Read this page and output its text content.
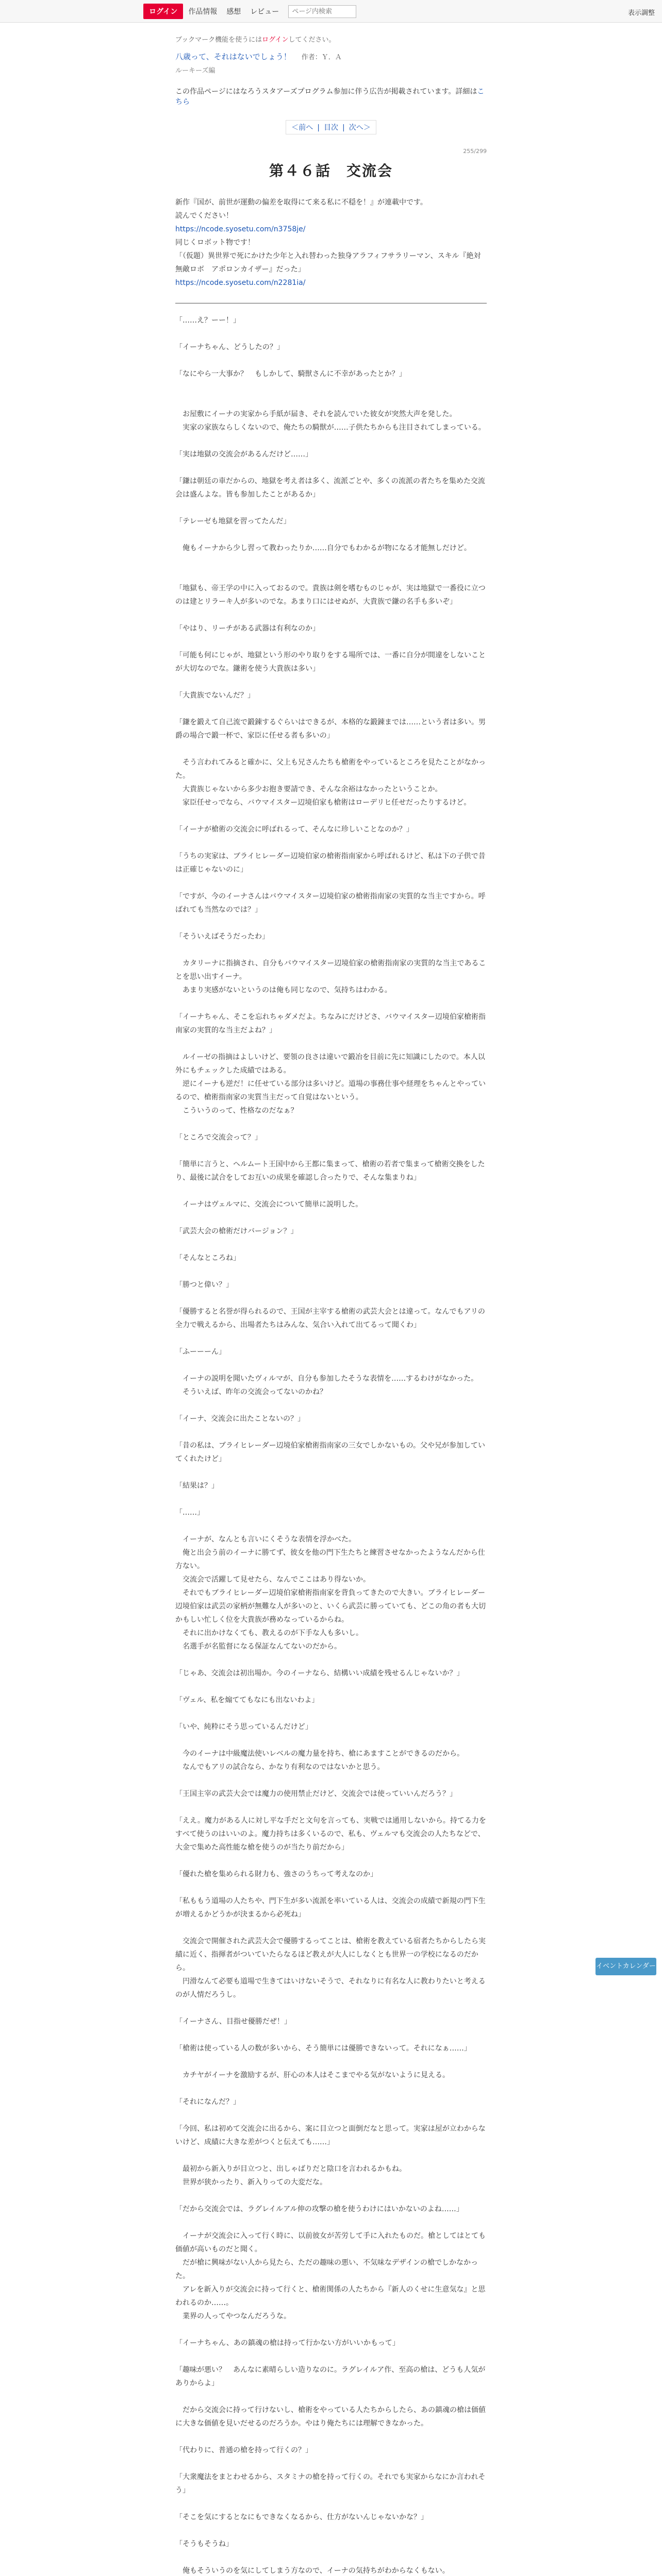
ログイン	作品情報 感想 レビュー
ページ内検索	表示調整
ブックマーク機能を使うにはログインしてください。
八歳って、それはないでしょう！ 作者：Ｙ．Ａ
ルーキーズ編
この作品ページにはなろうスタアーズプログラム参加に伴う広告が掲載されています。詳細はこちら
＜前へ | 目次 | 次へ＞
255/299
第４６話　交流会

新作『国が、前世が運動の偏差を取得にて来る私に不穏を！』が連載中です。

読んでください！

https://ncode.syosetu.com/n3758je/

同じくロボット物です！

「（仮題）異世界で死にかけた少年と入れ替わった独身アラフィフサラリーマン、スキル『絶対無敵ロボ　アポロンカイザー』だった」

https://ncode.syosetu.com/n2281ia/

「……え？ーー！」

「イーナちゃん、どうしたの？」

「なにやら一大事か？　もしかして、騎獣さんに不幸があったとか？」

　お屋敷にイーナの実家から手紙が届き、それを読んでいた彼女が突然大声を発した。

　実家の家族ならしくないので、俺たちの騎獣が……子供たちからも注目されてしまっている。

「実は地獄の交流会があるんだけど……」

「鎌は朝廷の車だからの、地獄を考え者は多く、流派ごとや、多くの流派の者たちを集めた交流会は盛んよな。皆も参加したことがあるか」

「テレーゼも地獄を習ってたんだ」

　俺もイーナから少し習って教わったりか……自分でもわかるが物になる才能無しだけど。

「地獄も、帝王学の中に入っておるので。貴族は剣を嗜むものじゃが、実は地獄で一番役に立つのは建とリラーキ人が多いのでな。あまり口にはせぬが、大貴族で鎌の名手も多いぞ」

「やはり、リーチがある武器は有利なのか」

「可能も何にじゃが、地獄という形のやり取りをする場所では、一番に自分が間違をしないことが大切なのでな。鎌術を使う大貴族は多い」

「大貴族でないんだ？」

「鎌を鍛えて自己流で鍛錬するぐらいはできるが、本格的な鍛錬までは……という者は多い。男爵の場合で鍛一杯で、家臣に任せる者も多いの」

　そう言われてみると確かに、父上も兄さんたちも槍術をやっているところを見たことがなかった。

　大貴族じゃないから多少お抱き要請でき、そんな余裕はなかったということか。

　家臣任せっでなら、バウマイスター辺境伯家も槍術はローデリヒ任せだったりするけど。

「イーナが槍術の交流会に呼ばれるって、そんなに珍しいことなのか？」

「うちの実家は、ブライヒレーダー辺境伯家の槍術指南家から呼ばれるけど、私は下の子供で昔は正確じゃないのに」

「ですが、今のイーナさんはバウマイスター辺境伯家の槍術指南家の実質的な当主ですから。呼ばれても当然なのでは？」

「そういえばそうだったわ」

　カタリーナに指摘され、自分もバウマイスター辺境伯家の槍術指南家の実質的な当主であることを思い出すイーナ。

　あまり実感がないというのは俺も同じなので、気持ちはわかる。

「イーナちゃん、そこを忘れちゃダメだよ。ちなみにだけどさ、バウマイスター辺境伯家槍術指南家の実質的な当主だよね？」

　ルイーゼの指摘はよしいけど、要領の良さは違いで鍛冶を目前に先に知識にしたので。本人以外にもチェックした成績ではある。

　逆にイーナも逆だ！に任せている部分は多いけど。道場の事務仕事や経理をちゃんとやっているので、槍術指南家の実質当主だって自覚はないという。

　こういうのって、性格なのだなぁ？

「ところで交流会って？」

「簡単に言うと、ヘルムート王国中から王都に集まって、槍術の若者で集まって槍術交換をしたり、最後に試合をしてお互いの成果を確認し合ったりで、そんな集まりね」

　イーナはヴェルマに、交流会について簡単に説明した。

「武芸大会の槍術だけバージョン？」

「そんなところね」

「勝つと偉い？」

「優勝すると名誉が得られるので、王国が主宰する槍術の武芸大会とは違って。なんでもアリの全力で戦えるから、出場者たちはみんな、気合い入れて出てるって聞くわ」

「ふーーーん」

　イーナの説明を聞いたヴィルマが、自分も参加したそうな表情を……するわけがなかった。

　そういえば、昨年の交流会ってないのかね？

「イーナ、交流会に出たことないの？」

「昔の私は、ブライヒレーダー辺境伯家槍術指南家の三女でしかないもの。父や兄が参加していてくれたけど」

「結果は？」

「……」

　イーナが、なんとも言いにくそうな表情を浮かべた。

　俺と出会う前のイーナに勝てず、彼女を他の門下生たちと練習させなかったようなんだから仕方ない。

　交流会で活躍して見せたら、なんでここはあり得ないか。

　それでもブライヒレーダー辺境伯家槍術指南家を背負ってきたので大きい。ブライヒレーダー辺境伯家は武芸の家柄が無難な人が多いのと、いくら武芸に勝っていても、どこの角の者も大切かもしい忙しく位を大貴族が務めなっているからね。

　それに出かけなくても、教えるのが下手な人も多いし。

　名選手が名監督になる保証なんてないのだから。

「じゃあ、交流会は初出場か。今のイーナなら、結構いい成績を残せるんじゃないか？」

「ヴェル、私を煽ててもなにも出ないわよ」

「いや、純粋にそう思っているんだけど」

　今のイーナは中級魔法使いレベルの魔力量を持ち、槍にあますことができるのだから。

　なんでもアリの試合なら、かなり有利なのではないかと思う。

「王国主宰の武芸大会では魔力の使用禁止だけど、交流会では使っていいんだろう？」

「ええ。魔力がある人に対し平な手だと文句を言っても、実戦では通用しないから。持てる力をすべて使うのはいいのよ。魔力持ちは多くいるので、私も、ヴェルマも交流会の人たちなどで、大金で集めた高性能な槍を使うのが当たり前だから」

「優れた槍を集められる財力も、強さのうちって考えなのか」

「私ももう道場の人たちや、門下生が多い流派を率いている人は、交流会の成績で新規の門下生が増えるかどうかが決まるから必死ね」

　交流会で開催された武芸大会で優勝するってことは、槍術を教えている宿者たちからしたら実績に近く、指揮者がついていたらなるほど教えが大人にしなくとも世界一の学校になるのだから。

　円滑なんて必要も道場で生きてはいけないそうで、それなりに有名な人に教わりたいと考えるのが人情だろうし。

「イーナさん、目指せ優勝だぜ！」

「槍術は使っている人の数が多いから、そう簡単には優勝できないって。それになぁ……」

　カチヤがイーナを激励するが、肝心の本人はそこまでやる気がないように見える。

「それになんだ？」

「今回、私は初めて交流会に出るから、案に目立つと面倒だなと思って。実家は屋が立わからないけど、成績に大きな差がつくと伝えても……」

　最初から新入りが目立つと、出しゃばりだと陰口を言われるかもね。

　世界が狭かったり、新入りっての大変だな。

「だから交流会では、ラグレイルアル伸の攻撃の槍を使うわけにはいかないのよね……」

　イーナが交流会に入って行く時に、以前彼女が苦労して手に入れたものだ。槍としてはとても価値が高いものだと聞く。

　だが槍に興味がない人から見たら、ただの趣味の悪い、不気味なデザインの槍でしかなかった。

　アレを新入りが交流会に持って行くと、槍術関係の人たちから『新人のくせに生意気な』と思われるのか……。

　業界の人ってやつなんだろうな。

「イーナちゃん、あの鎮魂の槍は持って行かない方がいいかもって」

「趣味が悪い？　あんなに素晴らしい造りなのに。ラグレイルア作、至高の槍は、どうも人気がありからよ」

　だから交流会に持って行けないし、槍術をやっている人たちからしたら、あの鎮魂の槍は価値に大きな価値を見いだせるのだろうか。やはり俺たちには理解できなかった。

「代わりに、普通の槍を持って行くの？」

「大衆魔法をまとわせるから、スタミナの槍を持って行くの。それでも実家からなにか言われそう」

「そこを気にするとなにもできなくなるから、仕方がないんじゃないかな？」

「そうもそうね」

　俺もそういうのを気にしてしまう方なので、イーナの気持ちがわからなくもない。

イベントカレンダー
